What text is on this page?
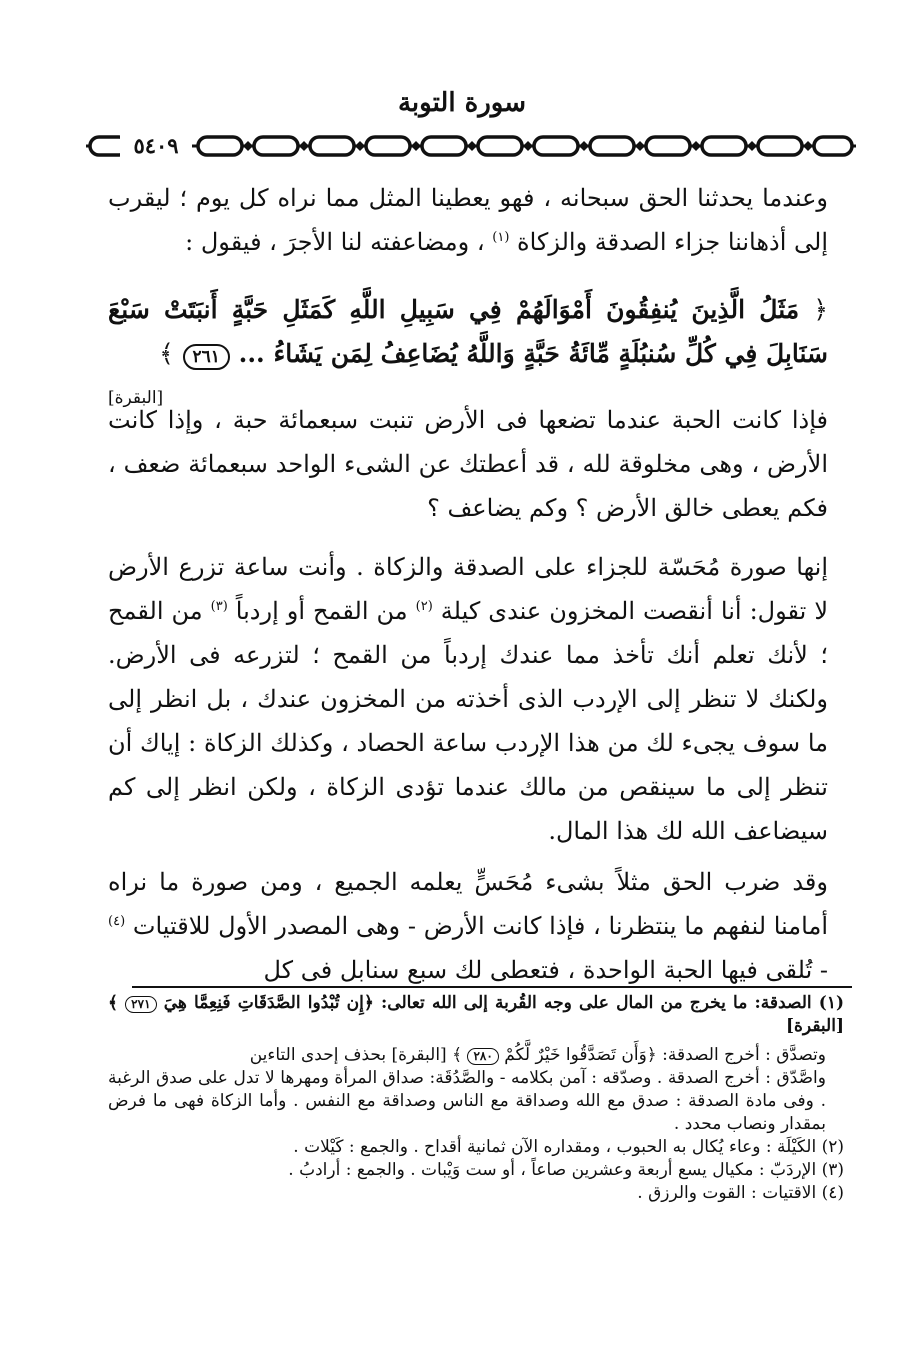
سورة التوبة
٥٤٠٩

وعندما يحدثنا الحق سبحانه ، فهو يعطينا المثل مما نراه كل يوم ؛ ليقرب إلى أذهاننا جزاء الصدقة والزكاة $^{(١)}$ ، ومضاعفته لنا الأجرَ ، فيقول :

﴿ مَثَلُ الَّذِينَ يُنفِقُونَ أَمْوَالَهُمْ فِي سَبِيلِ اللَّهِ كَمَثَلِ حَبَّةٍ أَنبَتَتْ سَبْعَ سَنَابِلَ فِي كُلِّ سُنبُلَةٍ مِّائَةُ حَبَّةٍ وَاللَّهُ يُضَاعِفُ لِمَن يَشَاءُ ... ٢٦١ ﴾
[البقرة]

فإذا كانت الحبة عندما تضعها فى الأرض تنبت سبعمائة حبة ، وإذا كانت الأرض ، وهى مخلوقة لله ، قد أعطتك عن الشىء الواحد سبعمائة ضعف ، فكم يعطى خالق الأرض ؟ وكم يضاعف ؟

إنها صورة مُحَسّة للجزاء على الصدقة والزكاة . وأنت ساعة تزرع الأرض لا تقول: أنا أنقصت المخزون عندى كيلة $^{(٢)}$ من القمح أو إردباً $^{(٣)}$ من القمح ؛ لأنك تعلم أنك تأخذ مما عندك إردباً من القمح ؛ لتزرعه فى الأرض. ولكنك لا تنظر إلى الإردب الذى أخذته من المخزون عندك ، بل انظر إلى ما سوف يجىء لك من هذا الإردب ساعة الحصاد ، وكذلك الزكاة : إياك أن تنظر إلى ما سينقص من مالك عندما تؤدى الزكاة ، ولكن انظر إلى كم سيضاعف الله لك هذا المال.

وقد ضرب الحق مثلاً بشىء مُحَسٍّ يعلمه الجميع ، ومن صورة ما نراه أمامنا لنفهم ما ينتظرنا ، فإذا كانت الأرض - وهى المصدر الأول للاقتيات $^{(٤)}$ - تُلقى فيها الحبة الواحدة ، فتعطى لك سبع سنابل فى كل

(١) الصدقة: ما يخرج من المال على وجه القُربة إلى الله تعالى: ﴿إِن تُبْدُوا الصَّدَقَاتِ فَنِعِمَّا هِيَ ٢٧١ ﴾ [البقرة]

وتصدَّق : أخرج الصدقة: ﴿وَأَن تَصَدَّقُوا خَيْرٌ لَّكُمْ ٢٨٠ ﴾ [البقرة] بحذف إحدى التاءين

واصَّدّق : أخرج الصدقة . وصدّقه : آمن بكلامه - والصَّدُقَة: صداق المرأة ومهرها لا تدل على صدق الرغبة . وفى مادة الصدقة : صدق مع الله وصداقة مع الناس وصداقة مع النفس . وأما الزكاة فهى ما فرض بمقدار ونصاب محدد .

(٢) الكَيْلَة : وعاء يُكال به الحبوب ، ومقداره الآن ثمانية أقداح . والجمع : كَيْلات .

(٣) الإردَبّ : مكيال يسع أربعة وعشرين صاعاً ، أو ست وَيْبات . والجمع : أرادبُ .

(٤) الاقتيات : القوت والرزق .
